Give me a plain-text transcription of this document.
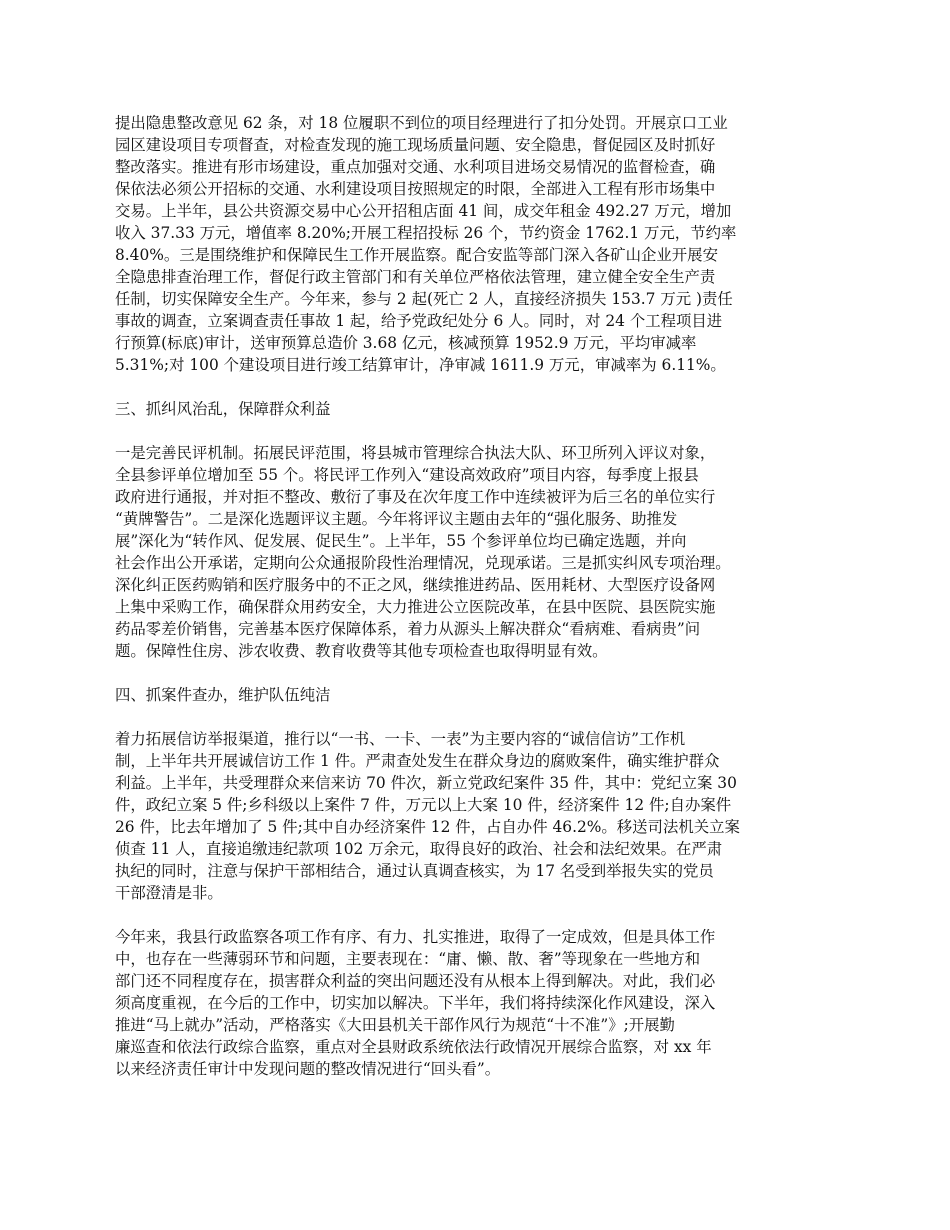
提出隐患整改意见 62 条，对 18 位履职不到位的项目经理进行了扣分处罚。开展京口工业
园区建设项目专项督查，对检查发现的施工现场质量问题、安全隐患，督促园区及时抓好
整改落实。推进有形市场建设，重点加强对交通、水利项目进场交易情况的监督检查，确
保依法必须公开招标的交通、水利建设项目按照规定的时限，全部进入工程有形市场集中
交易。上半年，县公共资源交易中心公开招租店面 41 间，成交年租金 492.27 万元，增加
收入 37.33 万元，增值率 8.20%;开展工程招投标 26 个，节约资金 1762.1 万元，节约率
8.40%。三是围绕维护和保障民生工作开展监察。配合安监等部门深入各矿山企业开展安
全隐患排查治理工作，督促行政主管部门和有关单位严格依法管理，建立健全安全生产责
任制，切实保障安全生产。今年来，参与 2 起(死亡 2 人，直接经济损失 153.7 万元 )责任
事故的调查，立案调查责任事故 1 起，给予党政纪处分 6 人。同时，对 24 个工程项目进
行预算(标底)审计，送审预算总造价 3.68 亿元，核减预算 1952.9 万元，平均审减率
5.31%;对 100 个建设项目进行竣工结算审计，净审减 1611.9 万元，审减率为 6.11%。
三、抓纠风治乱，保障群众利益
一是完善民评机制。拓展民评范围，将县城市管理综合执法大队、环卫所列入评议对象，
全县参评单位增加至 55 个。将民评工作列入“建设高效政府”项目内容，每季度上报县
政府进行通报，并对拒不整改、敷衍了事及在次年度工作中连续被评为后三名的单位实行
“黄牌警告”。二是深化选题评议主题。今年将评议主题由去年的“强化服务、助推发
展”深化为“转作风、促发展、促民生”。上半年，55 个参评单位均已确定选题，并向
社会作出公开承诺，定期向公众通报阶段性治理情况，兑现承诺。三是抓实纠风专项治理。
深化纠正医药购销和医疗服务中的不正之风，继续推进药品、医用耗材、大型医疗设备网
上集中采购工作，确保群众用药安全，大力推进公立医院改革，在县中医院、县医院实施
药品零差价销售，完善基本医疗保障体系，着力从源头上解决群众“看病难、看病贵”问
题。保障性住房、涉农收费、教育收费等其他专项检查也取得明显有效。
四、抓案件查办，维护队伍纯洁
着力拓展信访举报渠道，推行以“一书、一卡、一表”为主要内容的“诚信信访”工作机
制，上半年共开展诚信访工作 1 件。严肃查处发生在群众身边的腐败案件，确实维护群众
利益。上半年，共受理群众来信来访 70 件次，新立党政纪案件 35 件，其中：党纪立案 30
件，政纪立案 5 件;乡科级以上案件 7 件，万元以上大案 10 件，经济案件 12 件;自办案件
26 件，比去年增加了 5 件;其中自办经济案件 12 件，占自办件 46.2%。移送司法机关立案
侦查 11 人，直接追缴违纪款项 102 万余元，取得良好的政治、社会和法纪效果。在严肃
执纪的同时，注意与保护干部相结合，通过认真调查核实，为 17 名受到举报失实的党员
干部澄清是非。
今年来，我县行政监察各项工作有序、有力、扎实推进，取得了一定成效，但是具体工作
中，也存在一些薄弱环节和问题，主要表现在：“庸、懒、散、奢”等现象在一些地方和
部门还不同程度存在，损害群众利益的突出问题还没有从根本上得到解决。对此，我们必
须高度重视，在今后的工作中，切实加以解决。下半年，我们将持续深化作风建设，深入
推进“马上就办”活动，严格落实《大田县机关干部作风行为规范“十不准”》;开展勤
廉巡查和依法行政综合监察，重点对全县财政系统依法行政情况开展综合监察，对 xx 年
以来经济责任审计中发现问题的整改情况进行“回头看”。
